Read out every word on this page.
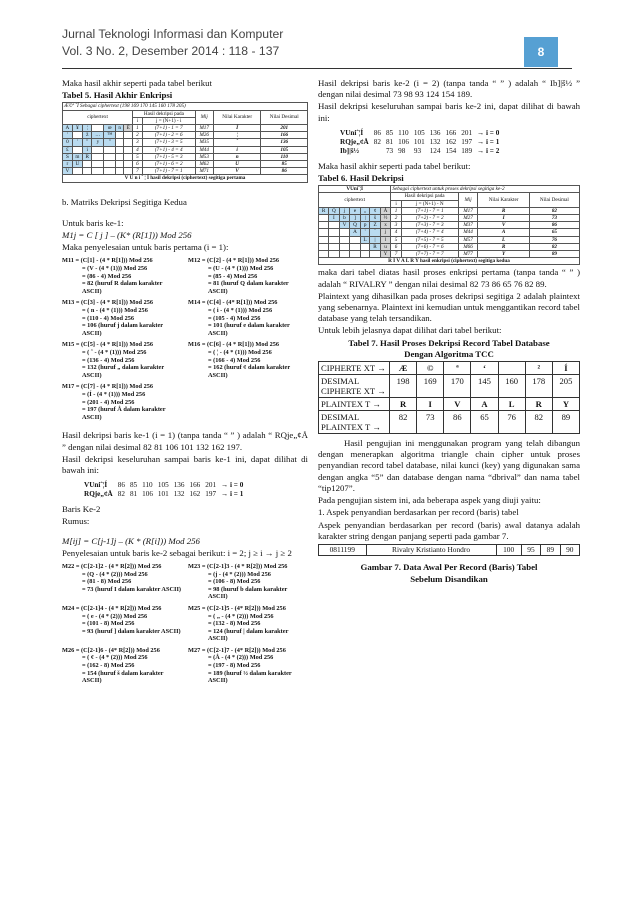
Jurnal Teknologi Informasi dan Komputer
Vol. 3 No. 2, Desember 2014 : 118 - 137	8

Maka hasil akhir seperti pada tabel berikut

Tabel 5. Hasil Akhir Enkripsi

Æ©ª ˜Í Sebagai ciphertext (198 169 170 145 160 178 205)											
ciphertext							Hasil dekripsi pada		Mij	Nilai Karakter	Nilai Desimal
							i	j = (N+1) - i			
A	¥	¦		œ	n	È	1	(7+1) - 1 = 7	M17	Í	201
'		ž	…	™			2	(7+1) - 2 = 6	M26	¦	166
0	'	"	y	"			3	(7+1) - 3 = 5	M35	ˆ	136
£		i					4	(7+1) - 4 = 4	M44	i	105
S	m	R					5	(7+1) - 5 = 3	M53	n	110
r	U						6	(7+1) - 6 = 2	M62	U	85
V							7	(7+1) - 7 = 1	M71	V	86
V U n i ˆ ¦ Í hasil dekripsi (ciphertext) segitiga pertama											

b. Matriks Dekripsi Segitiga Kedua

Untuk baris ke-1:

M1j = C [ j ] – (K* (R[1])) Mod 256

Maka penyelesaian untuk baris pertama (i = 1):

M11 = (C[1] - (4 * R[1])) Mod 256
= (V - (4 * (1))) Mod 256
= (86 - 4) Mod 256
= 82 (huruf R dalam karakter ASCII)
M12 = (C[2] - (4 * R[1])) Mod 256
= (U - (4 * (1))) Mod 256
= (85 - 4) Mod 256
= 81 (huruf Q dalam karakter ASCII)
M13 = (C[3] - (4 * R[1])) Mod 256
= ( n - (4 * (1))) Mod 256
= (110 - 4) Mod 256
= 106 (huruf j dalam karakter ASCII)
M14 = (C[4] - (4* R[1])) Mod 256
= ( i - (4 * (1))) Mod 256
= (105 - 4) Mod 256
= 101 (huruf e dalam karakter ASCII)
M15 = (C[5] - (4 * R[1])) Mod 256
= ( ˆ - (4 * (1))) Mod 256
= (136 - 4) Mod 256
= 132 (huruf „ dalam karakter ASCII)
M16 = (C[6] - (4 * R[1])) Mod 256
= ( ¦ - (4 * (1))) Mod 256
= (166 - 4) Mod 256
= 162 (huruf ¢ dalam karakter ASCII)
M17 = (C[7] - (4 * R[1])) Mod 256
= (Í - (4 * (1))) Mod 256
= (201 - 4) Mod 256
= 197 (huruf Å dalam karakter ASCII)

Hasil dekripsi baris ke-1 (i = 1) (tanpa tanda “ ” ) adalah “ RQje„¢Å ” dengan nilai desimal 82 81 106 101 132 162 197.

Hasil dekripsi keseluruhan sampai baris ke-1 ini, dapat dilihat di bawah ini:

VUniˆ¦Í	86	85	110	105	136	166	201	→ i = 0
RQje„¢Å	82	81	106	101	132	162	197	→ i = 1

Baris Ke-2

Rumus:

M[ij] = C[j-1]j – (K * (R[i])) Mod 256

Penyelesaian untuk baris ke-2 sebagai berikut: i = 2; j ≥ i → j ≥ 2

M22 = (C[2-1]2 - (4 * R[2])) Mod 256
= (Q - (4 * (2))) Mod 256
= (81 - 8) Mod 256
= 73 (huruf I dalam karakter ASCII)
M23 = (C[2-1]3 - (4 * R[2])) Mod 256
= (j - (4 * (2))) Mod 256
= (106 - 8) Mod 256
= 98 (huruf b dalam karakter ASCII)
M24 = (C[2-1]4 - (4 * R[2])) Mod 256
= ( e - (4 * (2))) Mod 256
= (101 - 8) Mod 256
= 93 (huruf ] dalam karakter ASCII)
M25 = (C[2-1]5 - (4* R[2])) Mod 256
= ( „ - (4 * (2))) Mod 256
= (132 - 8) Mod 256
= 124 (huruf | dalam karakter ASCII)
M26 = (C[2-1]6 - (4* R[2])) Mod 256
= ( ¢ - (4 * (2))) Mod 256
= (162 - 8) Mod 256
= 154 (huruf š dalam karakter ASCII)
M27 = (C[2-1]7 - (4* R[2])) Mod 256
= (Å - (4 * (2))) Mod 256
= (197 - 8) Mod 256
= 189 (huruf ½ dalam karakter ASCII)

Hasil dekripsi baris ke-2 (i = 2) (tanpa tanda “ ” ) adalah “ Ib]|š½ ” dengan nilai desimal 73 98 93 124 154 189.

Hasil dekripsi keseluruhan sampai baris ke-2 ini, dapat dilihat di bawah ini:

VUniˆ¦Í	86	85	110	105	136	166	201	→ i = 0
RQje„¢Å	82	81	106	101	132	162	197	→ i = 1
Ib]|š½		73	98	93	124	154	189	→ i = 2

Maka hasil akhir seperti pada tabel berikut:

Tabel 6. Hasil Dekripsi

VUniˆ¦Í							Sebagai ciphertext untuk proses dekripsi segitiga ke-2				
ciphertext							Hasil dekripsi pada		Mij	Nilai Karakter	Nilai Desimal
							i	j = (N+1) - N			
R	Q	j	e	„	¢	Å	1	(7+1) - 7 = 1	M17	R	82
	I	b	]	|	š	½	2	(7+2) - 7 = 2	M27	I	73
		V	Q	p	Z	x	3	(7+3) - 7 = 3	M37	V	86
			A	'	¨	j	4	(7+4) - 7 = 4	M44	A	65
				L	|	l	5	(7+5) - 7 = 5	M57	L	76
					R	u	6	(7+6) - 7 = 6	M66	R	82
						Y	7	(7+7) - 7 = 7	M77	Y	89
R I V A L R Y hasil enkripsi (ciphertext) segitiga kedua											

maka dari tabel diatas hasil proses enkripsi pertama (tanpa tanda “ ” ) adalah “ RIVALRY ” dengan nilai desimal 82 73 86 65 76 82 89.

Plaintext yang dihasilkan pada proses dekripsi segitiga 2 adalah plaintext yang sebenarnya. Plaintext ini kemudian untuk menggantikan record tabel database yang telah tersandikan.

Untuk lebih jelasnya dapat dilihat dari tabel berikut:

Tabel 7. Hasil Proses Dekripsi Record Tabel Database Dengan Algoritma TCC

CIPHERTE XT →	Æ	©	ª	‘		²	Í
DESIMAL CIPHERTE XT →	198	169	170	145	160	178	205
PLAINTEX T →	R	I	V	A	L	R	Y
DESIMAL PLAINTEX T →	82	73	86	65	76	82	89

Hasil pengujian ini menggunakan program yang telah dibangun dengan menerapkan algoritma triangle chain cipher untuk proses penyandian record tabel database, nilai kunci (key) yang digunakan sama dengan angka “5” dan database dengan nama “dbrival” dan nama tabel “tip1207”.

Pada pengujian sistem ini, ada beberapa aspek yang diuji yaitu:

1. Aspek penyandian berdasarkan per record (baris) tabel

Aspek penyandian berdasarkan per record (baris) awal datanya adalah karakter string dengan panjang seperti pada gambar 7.

0811199	Rivalry Kristianto Hondro	100	95	89	90

Gambar 7. Data Awal Per Record (Baris) Tabel Sebelum Disandikan
